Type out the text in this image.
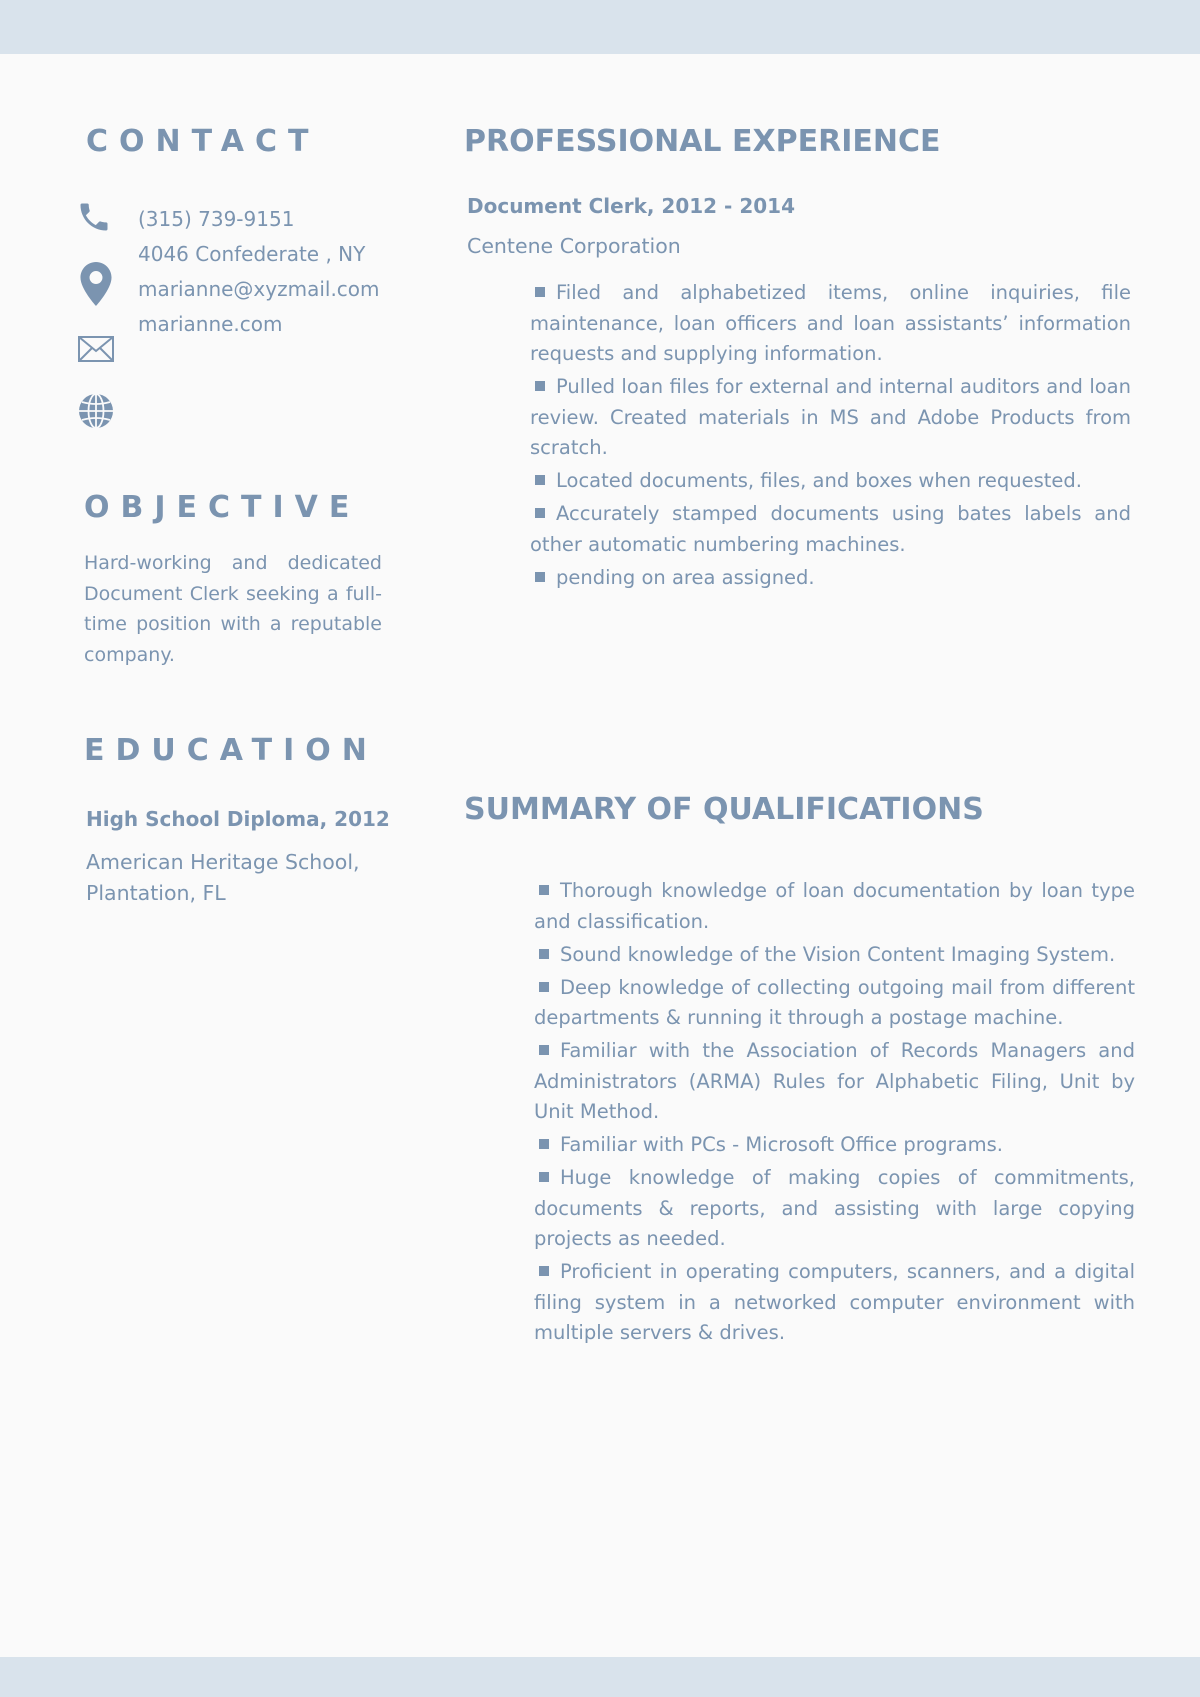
CONTACT
(315) 739-9151
4046 Confederate , NY
marianne@xyzmail.com
marianne.com
OBJECTIVE

Hard-working and dedicated Document Clerk seeking a full-time position with a reputable company.

EDUCATION

High School Diploma, 2012

American Heritage School, Plantation, FL

PROFESSIONAL EXPERIENCE

Document Clerk, 2012 - 2014

Centene Corporation

Filed and alphabetized items, online inquiries, file maintenance, loan officers and loan assistants’ information requests and supplying information.
Pulled loan files for external and internal auditors and loan review. Created materials in MS and Adobe Products from scratch.
Located documents, files, and boxes when requested.
Accurately stamped documents using bates labels and other automatic numbering machines.
pending on area assigned.
SUMMARY OF QUALIFICATIONS
Thorough knowledge of loan documentation by loan type and classification.
Sound knowledge of the Vision Content Imaging System.
Deep knowledge of collecting outgoing mail from different departments & running it through a postage machine.
Familiar with the Association of Records Managers and Administrators (ARMA) Rules for Alphabetic Filing, Unit by Unit Method.
Familiar with PCs - Microsoft Office programs.
Huge knowledge of making copies of commitments, documents & reports, and assisting with large copying projects as needed.
Proficient in operating computers, scanners, and a digital filing system in a networked computer environment with multiple servers & drives.
